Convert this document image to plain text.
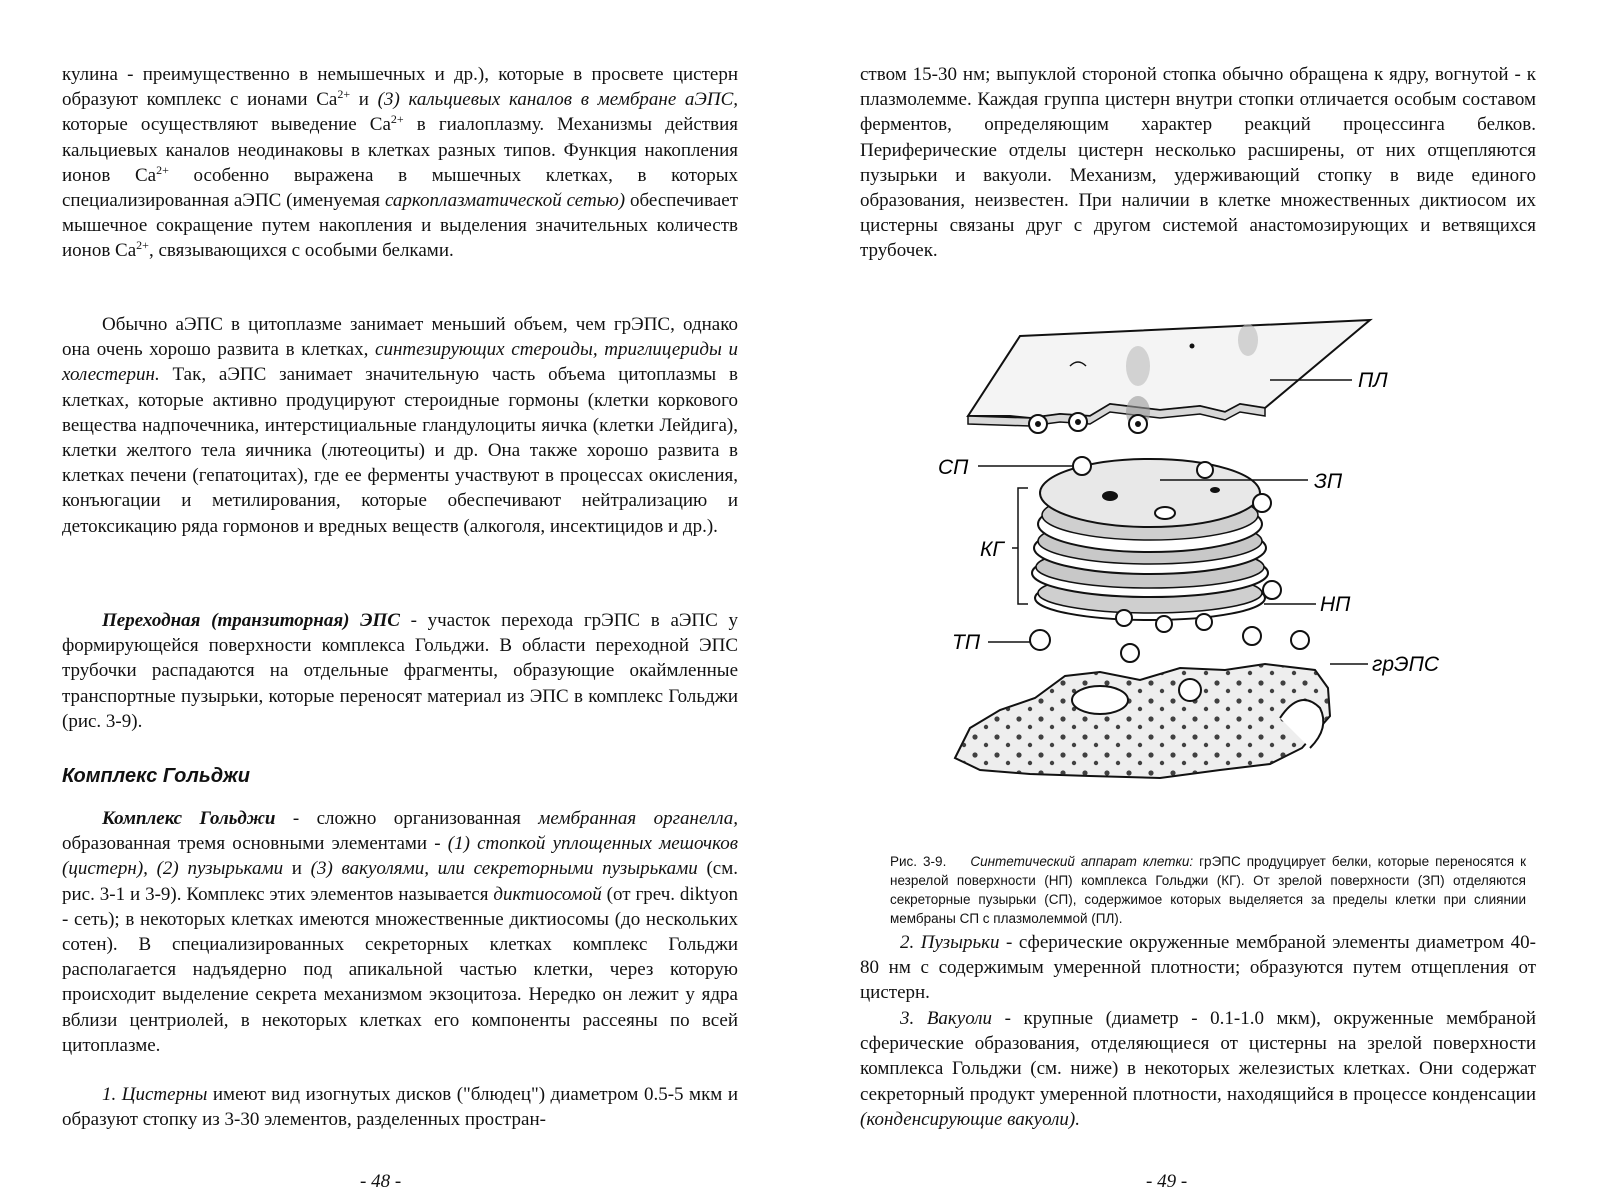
кулина - преимущественно в немышечных и др.), которые в просвете цистерн образуют комплекс с ионами $Са^{2+}$ и (3) кальциевых каналов в мембране аЭПС, которые осуществляют выведение $Са^{2+}$ в гиалоплазму. Механизмы действия кальциевых каналов неодинаковы в клетках разных типов. Функция накопления ионов $Са^{2+}$ особенно выражена в мышечных клетках, в которых специализированная аЭПС (именуемая саркоплазматической сетью) обеспечивает мышечное сокращение путем накопления и выделения значительных количеств ионов $Са^{2+}$, связывающихся с особыми белками.

Обычно аЭПС в цитоплазме занимает меньший объем, чем грЭПС, однако она очень хорошо развита в клетках, синтезирующих стероиды, триглицериды и холестерин. Так, аЭПС занимает значительную часть объема цитоплазмы в клетках, которые активно продуцируют стероидные гормоны (клетки коркового вещества надпочечника, интерстициальные гландулоциты яичка (клетки Лейдига), клетки желтого тела яичника (лютеоциты) и др. Она также хорошо развита в клетках печени (гепатоцитах), где ее ферменты участвуют в процессах окисления, конъюгации и метилирования, которые обеспечивают нейтрализацию и детоксикацию ряда гормонов и вредных веществ (алкоголя, инсектицидов и др.).

Переходная (транзиторная) ЭПС - участок перехода грЭПС в аЭПС у формирующейся поверхности комплекса Гольджи. В области переходной ЭПС трубочки распадаются на отдельные фрагменты, образующие окаймленные транспортные пузырьки, которые переносят материал из ЭПС в комплекс Гольджи (рис. 3-9).

Комплекс Гольджи

Комплекс Гольджи - сложно организованная мембранная органелла, образованная тремя основными элементами - (1) стопкой уплощенных мешочков (цистерн), (2) пузырьками и (3) вакуолями, или секреторными пузырьками (см. рис. 3-1 и 3-9). Комплекс этих элементов называется диктиосомой (от греч. diktyon - сеть); в некоторых клетках имеются множественные диктиосомы (до нескольких сотен). В специализированных секреторных клетках комплекс Гольджи располагается надъядерно под апикальной частью клетки, через которую происходит выделение секрета механизмом экзоцитоза. Нередко он лежит у ядра вблизи центриолей, в некоторых клетках его компоненты рассеяны по всей цитоплазме.

1. Цистерны имеют вид изогнутых дисков ("блюдец") диаметром 0.5-5 мкм и образуют стопку из 3-30 элементов, разделенных простран-

- 48 -

ством 15-30 нм; выпуклой стороной стопка обычно обращена к ядру, вогнутой - к плазмолемме. Каждая группа цистерн внутри стопки отличается особым составом ферментов, определяющим характер реакций процессинга белков. Периферические отделы цистерн несколько расширены, от них отщепляются пузырьки и вакуоли. Механизм, удерживающий стопку в виде единого образования, неизвестен. При наличии в клетке множественных диктиосом их цистерны связаны друг с другом системой анастомозирующих и ветвящихся трубочек.

ПЛ
СП
ЗП
КГ
НП
ТП
грЭПС

Рис. 3-9. Синтетический аппарат клетки: грЭПС продуцирует белки, которые переносятся к незрелой поверхности (НП) комплекса Гольджи (КГ). От зрелой поверхности (ЗП) отделяются секреторные пузырьки (СП), содержимое которых выделяется за пределы клетки при слиянии мембраны СП с плазмолеммой (ПЛ).

2. Пузырьки - сферические окруженные мембраной элементы диаметром 40-80 нм с содержимым умеренной плотности; образуются путем отщепления от цистерн.

3. Вакуоли - крупные (диаметр - 0.1-1.0 мкм), окруженные мембраной сферические образования, отделяющиеся от цистерны на зрелой поверхности комплекса Гольджи (см. ниже) в некоторых железистых клетках. Они содержат секреторный продукт умеренной плотности, находящийся в процессе конденсации (конденсирующие вакуоли).

- 49 -
